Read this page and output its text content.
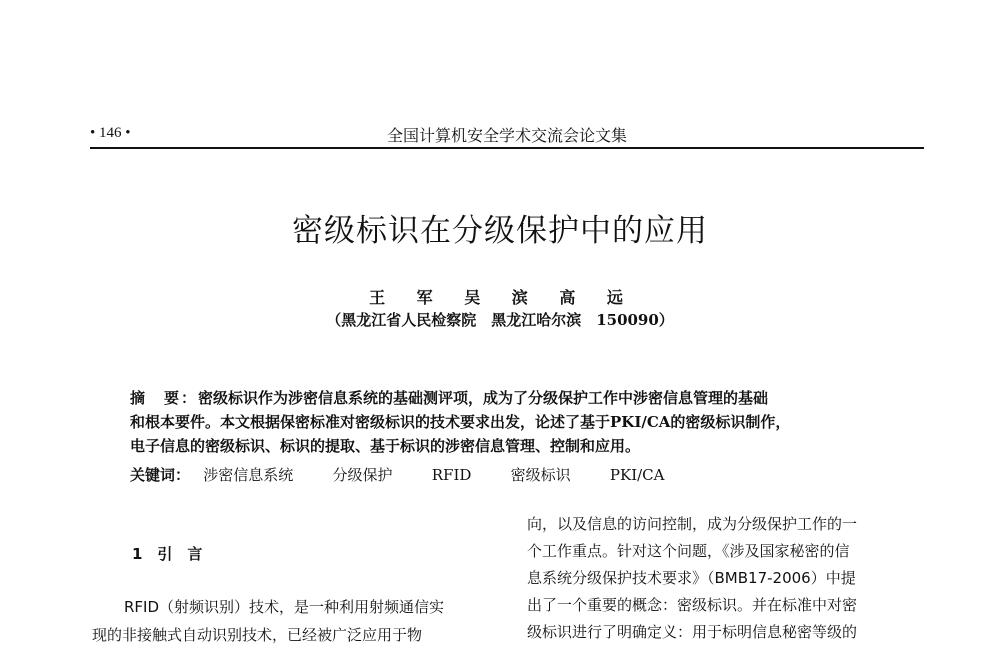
• 146 •	全国计算机安全学术交流会论文集
密级标识在分级保护中的应用
王 军 吴 滨 高 远
（黑龙江省人民检察院　黑龙江哈尔滨　150090）
摘　要：密级标识作为涉密信息系统的基础测评项，成为了分级保护工作中涉密信息管理的基础
和根本要件。本文根据保密标准对密级标识的技术要求出发，论述了基于PKI/CA的密级标识制作，
电子信息的密级标识、标识的提取、基于标识的涉密信息管理、控制和应用。
关键词： 涉密信息系统	分级保护	RFID	密级标识	PKI/CA
1　引　言
RFID（射频识别）技术，是一种利用射频通信实
现的非接触式自动识别技术，已经被广泛应用于物
向，以及信息的访问控制，成为分级保护工作的一
个工作重点。针对这个问题，《涉及国家秘密的信
息系统分级保护技术要求》（BMB17-2006）中提
出了一个重要的概念：密级标识。并在标准中对密
级标识进行了明确定义：用于标明信息秘密等级的
